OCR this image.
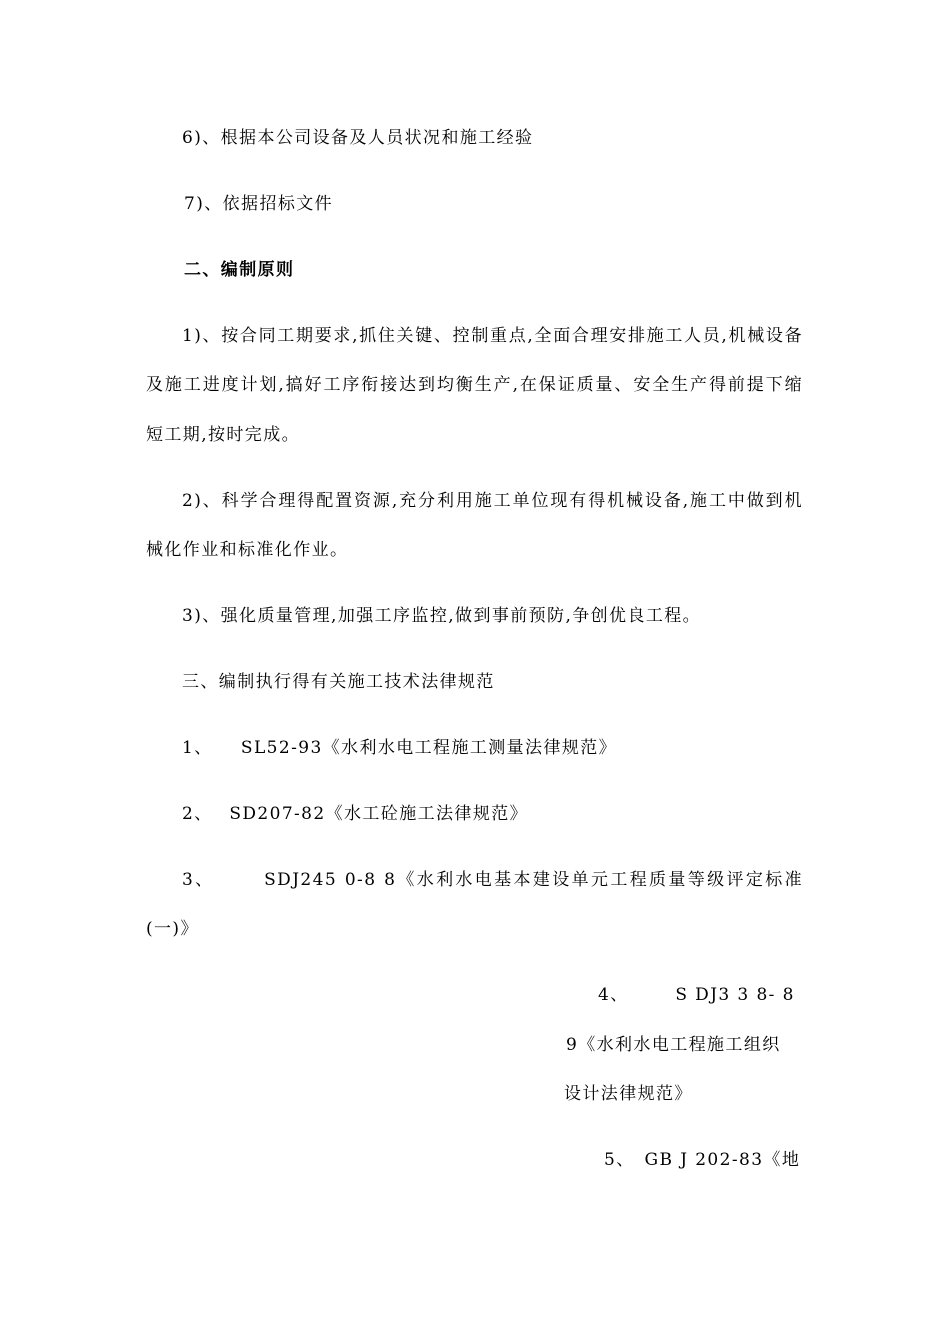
6)、根据本公司设备及人员状况和施工经验
7)、依据招标文件
二、编制原则
1)、按合同工期要求,抓住关键、控制重点,全面合理安排施工人员,机械设备
及施工进度计划,搞好工序衔接达到均衡生产,在保证质量、安全生产得前提下缩
短工期,按时完成。
2)、科学合理得配置资源,充分利用施工单位现有得机械设备,施工中做到机
械化作业和标准化作业。
3)、强化质量管理,加强工序监控,做到事前预防,争创优良工程。
三、编制执行得有关施工技术法律规范
1、　　SL52-93《水利水电工程施工测量法律规范》
2、　 SD207-82《水工砼施工法律规范》
3、　　　SDJ245 0-8 8《水利水电基本建设单元工程质量等级评定标准
(一)》
4、　　　S DJ3 3 8- 8
9《水利水电工程施工组织
设计法律规范》
5、　GB J 202-83《地
